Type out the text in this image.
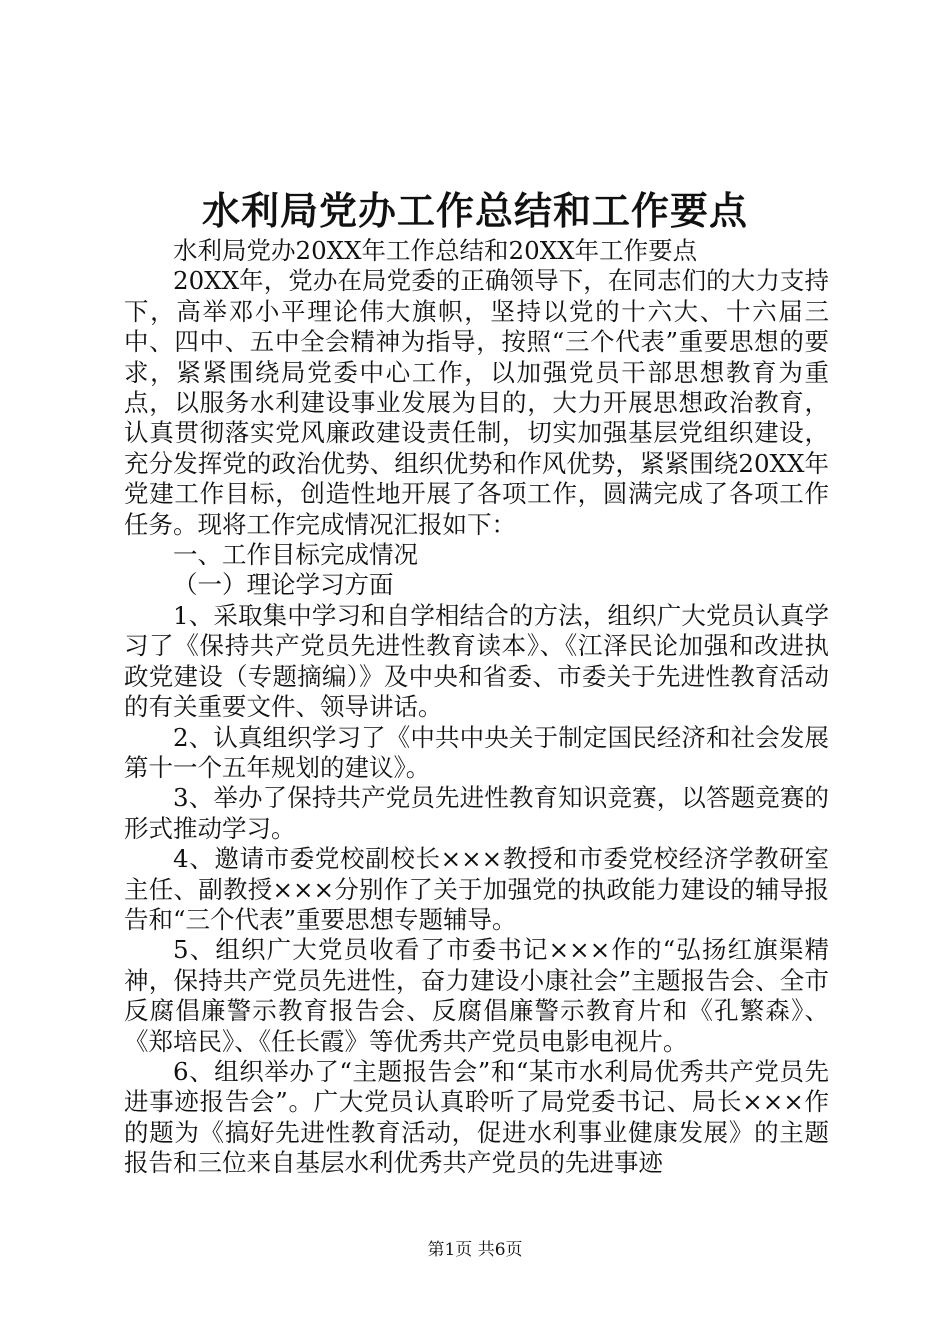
水利局党办工作总结和工作要点

水利局党办20XX年工作总结和20XX年工作要点

20XX年，党办在局党委的正确领导下，在同志们的大力支持下，高举邓小平理论伟大旗帜，坚持以党的十六大、十六届三中、四中、五中全会精神为指导，按照“三个代表”重要思想的要求，紧紧围绕局党委中心工作，以加强党员干部思想教育为重点，以服务水利建设事业发展为目的，大力开展思想政治教育，认真贯彻落实党风廉政建设责任制，切实加强基层党组织建设，充分发挥党的政治优势、组织优势和作风优势，紧紧围绕20XX年党建工作目标，创造性地开展了各项工作，圆满完成了各项工作任务。现将工作完成情况汇报如下：

一、工作目标完成情况

（一）理论学习方面

1、采取集中学习和自学相结合的方法，组织广大党员认真学习了《保持共产党员先进性教育读本》、《江泽民论加强和改进执政党建设（专题摘编）》及中央和省委、市委关于先进性教育活动的有关重要文件、领导讲话。

2、认真组织学习了《中共中央关于制定国民经济和社会发展第十一个五年规划的建议》。

3、举办了保持共产党员先进性教育知识竞赛，以答题竞赛的形式推动学习。

4、邀请市委党校副校长×××教授和市委党校经济学教研室主任、副教授×××分别作了关于加强党的执政能力建设的辅导报告和“三个代表”重要思想专题辅导。

5、组织广大党员收看了市委书记×××作的“弘扬红旗渠精神，保持共产党员先进性，奋力建设小康社会”主题报告会、全市反腐倡廉警示教育报告会、反腐倡廉警示教育片和《孔繁森》、《郑培民》、《任长霞》等优秀共产党员电影电视片。

6、组织举办了“主题报告会”和“某市水利局优秀共产党员先进事迹报告会”。广大党员认真聆听了局党委书记、局长×××作的题为《搞好先进性教育活动，促进水利事业健康发展》的主题报告和三位来自基层水利优秀共产党员的先进事迹

第1页 共6页
